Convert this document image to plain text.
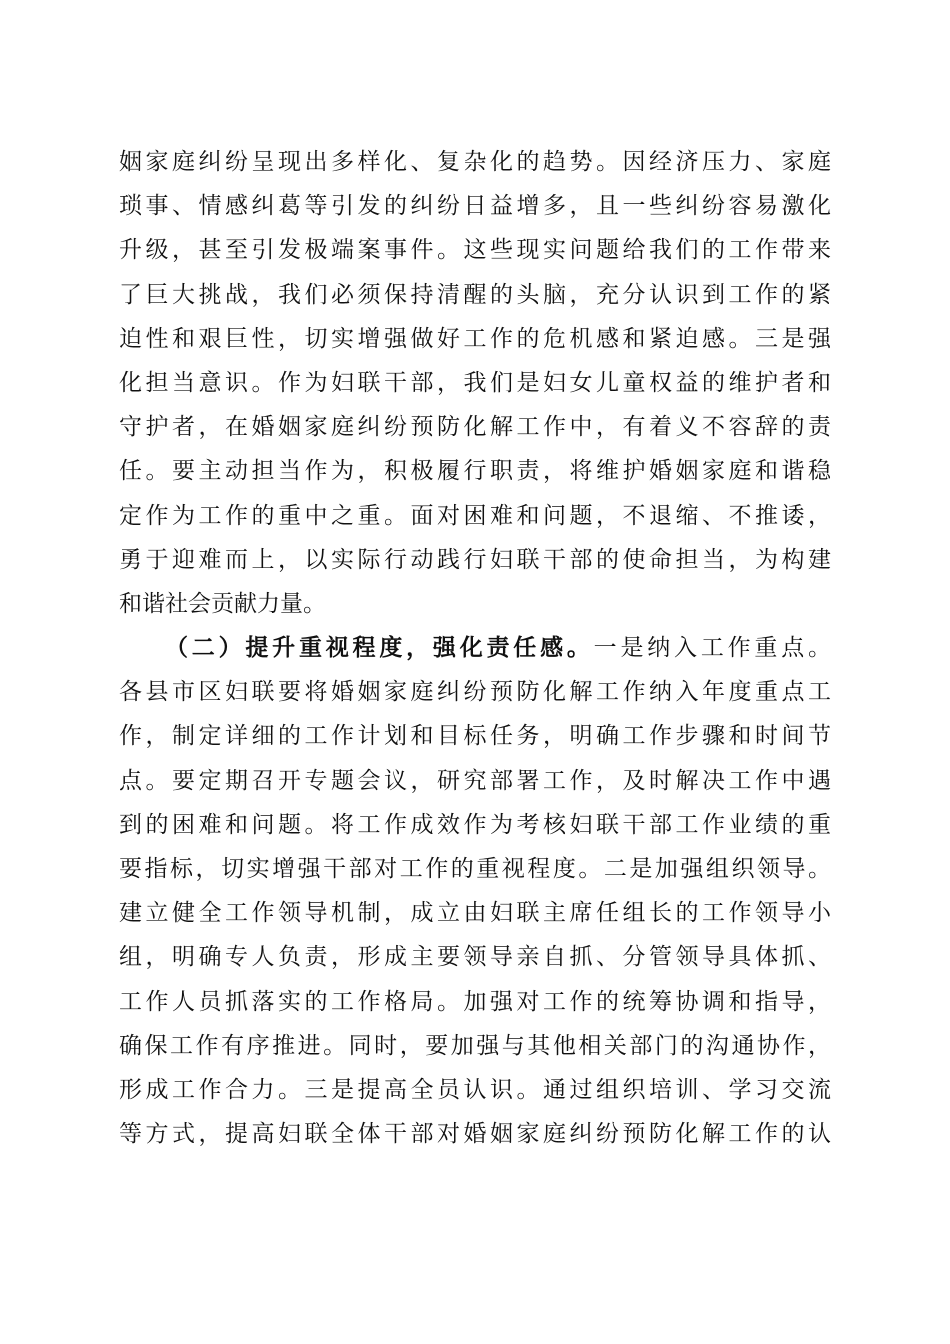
姻家庭纠纷呈现出多样化、复杂化的趋势。因经济压力、家庭
琐事、情感纠葛等引发的纠纷日益增多，且一些纠纷容易激化
升级，甚至引发极端案事件。这些现实问题给我们的工作带来
了巨大挑战，我们必须保持清醒的头脑，充分认识到工作的紧
迫性和艰巨性，切实增强做好工作的危机感和紧迫感。三是强
化担当意识。作为妇联干部，我们是妇女儿童权益的维护者和
守护者，在婚姻家庭纠纷预防化解工作中，有着义不容辞的责
任。要主动担当作为，积极履行职责，将维护婚姻家庭和谐稳
定作为工作的重中之重。面对困难和问题，不退缩、不推诿，
勇于迎难而上，以实际行动践行妇联干部的使命担当，为构建
和谐社会贡献力量。
（二）提升重视程度，强化责任感。一是纳入工作重点。
各县市区妇联要将婚姻家庭纠纷预防化解工作纳入年度重点工
作，制定详细的工作计划和目标任务，明确工作步骤和时间节
点。要定期召开专题会议，研究部署工作，及时解决工作中遇
到的困难和问题。将工作成效作为考核妇联干部工作业绩的重
要指标，切实增强干部对工作的重视程度。二是加强组织领导。
建立健全工作领导机制，成立由妇联主席任组长的工作领导小
组，明确专人负责，形成主要领导亲自抓、分管领导具体抓、
工作人员抓落实的工作格局。加强对工作的统筹协调和指导，
确保工作有序推进。同时，要加强与其他相关部门的沟通协作，
形成工作合力。三是提高全员认识。通过组织培训、学习交流
等方式，提高妇联全体干部对婚姻家庭纠纷预防化解工作的认
